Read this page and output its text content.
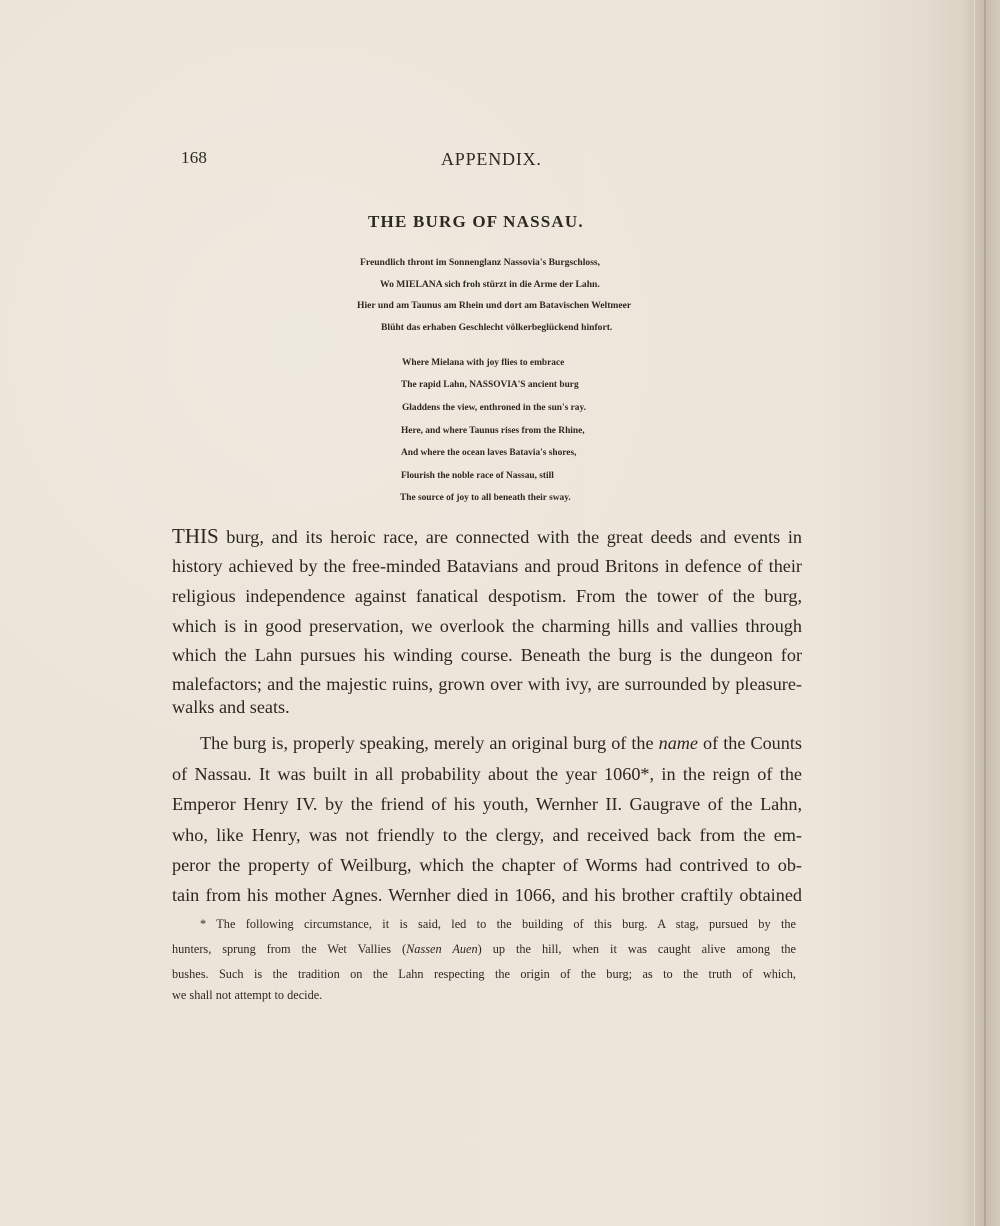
168	APPENDIX.
THE BURG OF NASSAU.
Freundlich thront im Sonnenglanz Nassovia's Burgschloss,
Wo MIELANA sich froh stürzt in die Arme der Lahn.
Hier und am Taunus am Rhein und dort am Batavischen Weltmeer
Blüht das erhaben Geschlecht völkerbeglückend hinfort.
Where Mielana with joy flies to embrace
The rapid Lahn, NASSOVIA'S ancient burg
Gladdens the view, enthroned in the sun's ray.
Here, and where Taunus rises from the Rhine,
And where the ocean laves Batavia's shores,
Flourish the noble race of Nassau, still
The source of joy to all beneath their sway.
THIS burg, and its heroic race, are connected with the great deeds and events in
history achieved by the free-minded Batavians and proud Britons in defence of their
religious independence against fanatical despotism. From the tower of the burg,
which is in good preservation, we overlook the charming hills and vallies through
which the Lahn pursues his winding course. Beneath the burg is the dungeon for
malefactors; and the majestic ruins, grown over with ivy, are surrounded by pleasure-
walks and seats.
The burg is, properly speaking, merely an original burg of the name of the Counts
of Nassau. It was built in all probability about the year 1060*, in the reign of the
Emperor Henry IV. by the friend of his youth, Wernher II. Gaugrave of the Lahn,
who, like Henry, was not friendly to the clergy, and received back from the em-
peror the property of Weilburg, which the chapter of Worms had contrived to ob-
tain from his mother Agnes. Wernher died in 1066, and his brother craftily obtained
* The following circumstance, it is said, led to the building of this burg. A stag, pursued by the
hunters, sprung from the Wet Vallies (Nassen Auen) up the hill, when it was caught alive among the
bushes. Such is the tradition on the Lahn respecting the origin of the burg; as to the truth of which,
we shall not attempt to decide.
